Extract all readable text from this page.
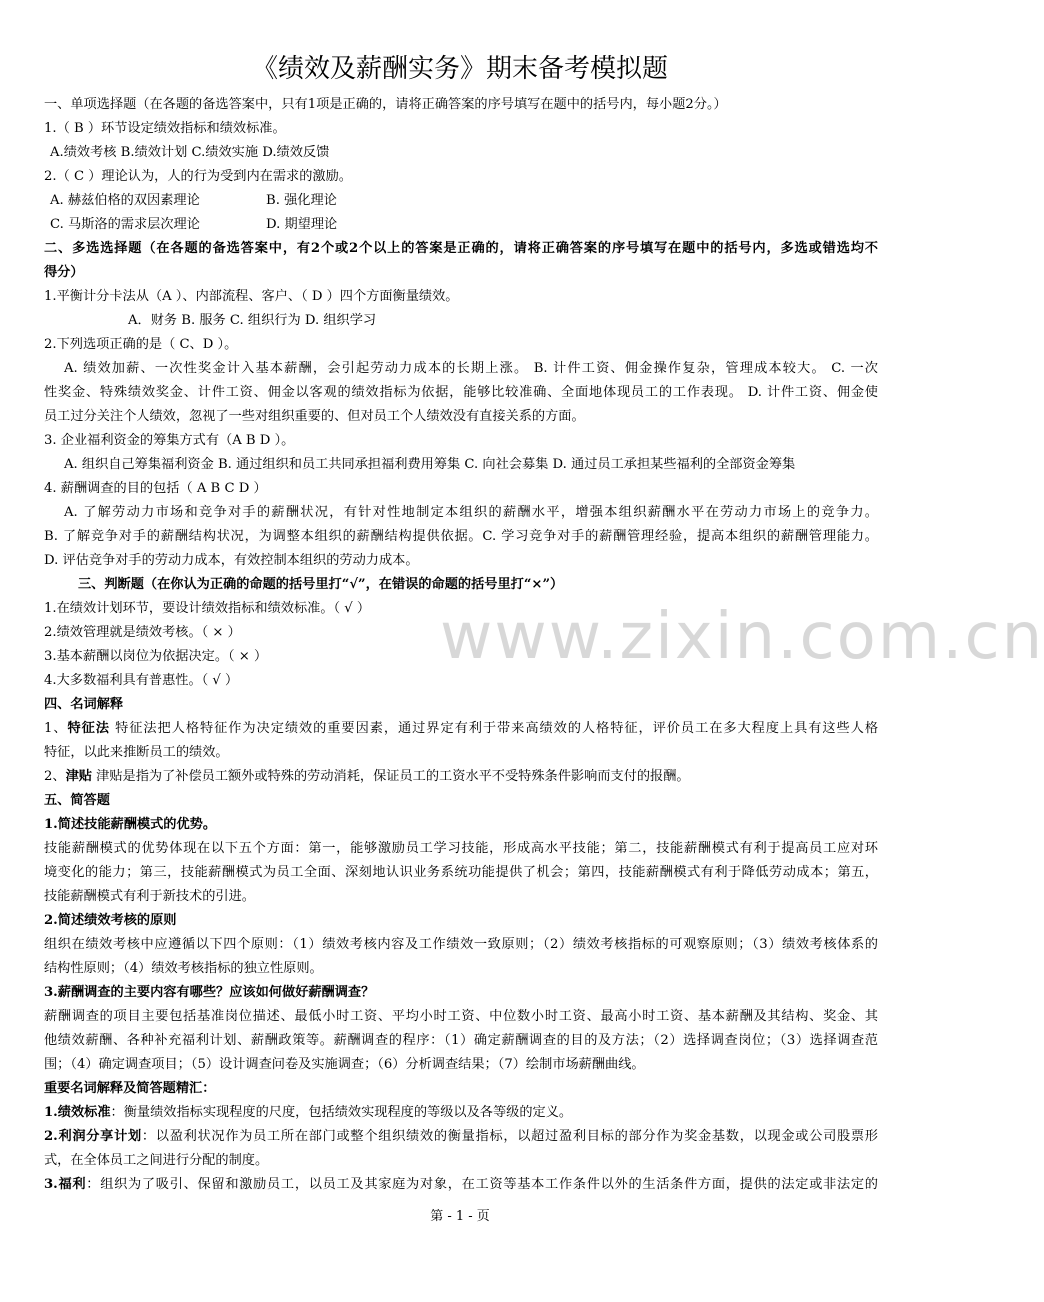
《绩效及薪酬实务》期末备考模拟题
www.zixin.com.cn
一、单项选择题（在各题的备选答案中，只有1项是正确的，请将正确答案的序号填写在题中的括号内，每小题2分。）
1.（ B ）环节设定绩效指标和绩效标准。
A.绩效考核 B.绩效计划 C.绩效实施 D.绩效反馈
2.（ C ）理论认为，人的行为受到内在需求的激励。
A. 赫兹伯格的双因素理论	B. 强化理论
C. 马斯洛的需求层次理论	D. 期望理论
二、多选选择题（在各题的备选答案中，有2个或2个以上的答案是正确的，请将正确答案的序号填写在题中的括号内，多选或错选均不
得分）
1.平衡计分卡法从（A ）、内部流程、客户、（ D ）四个方面衡量绩效。
A．财务 B. 服务 C. 组织行为 D. 组织学习
2.下列选项正确的是（ C、D ）。
A. 绩效加薪、一次性奖金计入基本薪酬，会引起劳动力成本的长期上涨。 B. 计件工资、佣金操作复杂，管理成本较大。 C. 一次
性奖金、特殊绩效奖金、计件工资、佣金以客观的绩效指标为依据，能够比较准确、全面地体现员工的工作表现。 D. 计件工资、佣金使
员工过分关注个人绩效，忽视了一些对组织重要的、但对员工个人绩效没有直接关系的方面。
3. 企业福利资金的筹集方式有（A B D ）。
A. 组织自己筹集福利资金 B. 通过组织和员工共同承担福利费用筹集 C. 向社会募集 D. 通过员工承担某些福利的全部资金筹集
4. 薪酬调查的目的包括（ A B C D ）
A. 了解劳动力市场和竞争对手的薪酬状况，有针对性地制定本组织的薪酬水平，增强本组织薪酬水平在劳动力市场上的竞争力。
B. 了解竞争对手的薪酬结构状况，为调整本组织的薪酬结构提供依据。C. 学习竞争对手的薪酬管理经验，提高本组织的薪酬管理能力。
D. 评估竞争对手的劳动力成本，有效控制本组织的劳动力成本。
三、判断题（在你认为正确的命题的括号里打“√”，在错误的命题的括号里打“×”）
1.在绩效计划环节，要设计绩效指标和绩效标准。（ √ ）
2.绩效管理就是绩效考核。（ × ）
3.基本薪酬以岗位为依据决定。（ × ）
4.大多数福利具有普惠性。（ √ ）
四、名词解释
1、特征法 特征法把人格特征作为决定绩效的重要因素，通过界定有利于带来高绩效的人格特征，评价员工在多大程度上具有这些人格
特征，以此来推断员工的绩效。
2、津贴 津贴是指为了补偿员工额外或特殊的劳动消耗，保证员工的工资水平不受特殊条件影响而支付的报酬。
五、简答题
1.简述技能薪酬模式的优势。
技能薪酬模式的优势体现在以下五个方面：第一，能够激励员工学习技能，形成高水平技能；第二，技能薪酬模式有利于提高员工应对环
境变化的能力；第三，技能薪酬模式为员工全面、深刻地认识业务系统功能提供了机会；第四，技能薪酬模式有利于降低劳动成本；第五，
技能薪酬模式有利于新技术的引进。
2.简述绩效考核的原则
组织在绩效考核中应遵循以下四个原则：（1）绩效考核内容及工作绩效一致原则；（2）绩效考核指标的可观察原则；（3）绩效考核体系的
结构性原则；（4）绩效考核指标的独立性原则。
3.薪酬调查的主要内容有哪些？应该如何做好薪酬调查？
薪酬调查的项目主要包括基准岗位描述、最低小时工资、平均小时工资、中位数小时工资、最高小时工资、基本薪酬及其结构、奖金、其
他绩效薪酬、各种补充福利计划、薪酬政策等。薪酬调查的程序：（1）确定薪酬调查的目的及方法；（2）选择调查岗位；（3）选择调查范
围；（4）确定调查项目；（5）设计调查问卷及实施调查；（6）分析调查结果；（7）绘制市场薪酬曲线。
重要名词解释及简答题精汇：
1.绩效标准：衡量绩效指标实现程度的尺度，包括绩效实现程度的等级以及各等级的定义。
2.利润分享计划：以盈利状况作为员工所在部门或整个组织绩效的衡量指标，以超过盈利目标的部分作为奖金基数，以现金或公司股票形
式，在全体员工之间进行分配的制度。
3.福利：组织为了吸引、保留和激励员工，以员工及其家庭为对象，在工资等基本工作条件以外的生活条件方面，提供的法定或非法定的
第 - 1 - 页
